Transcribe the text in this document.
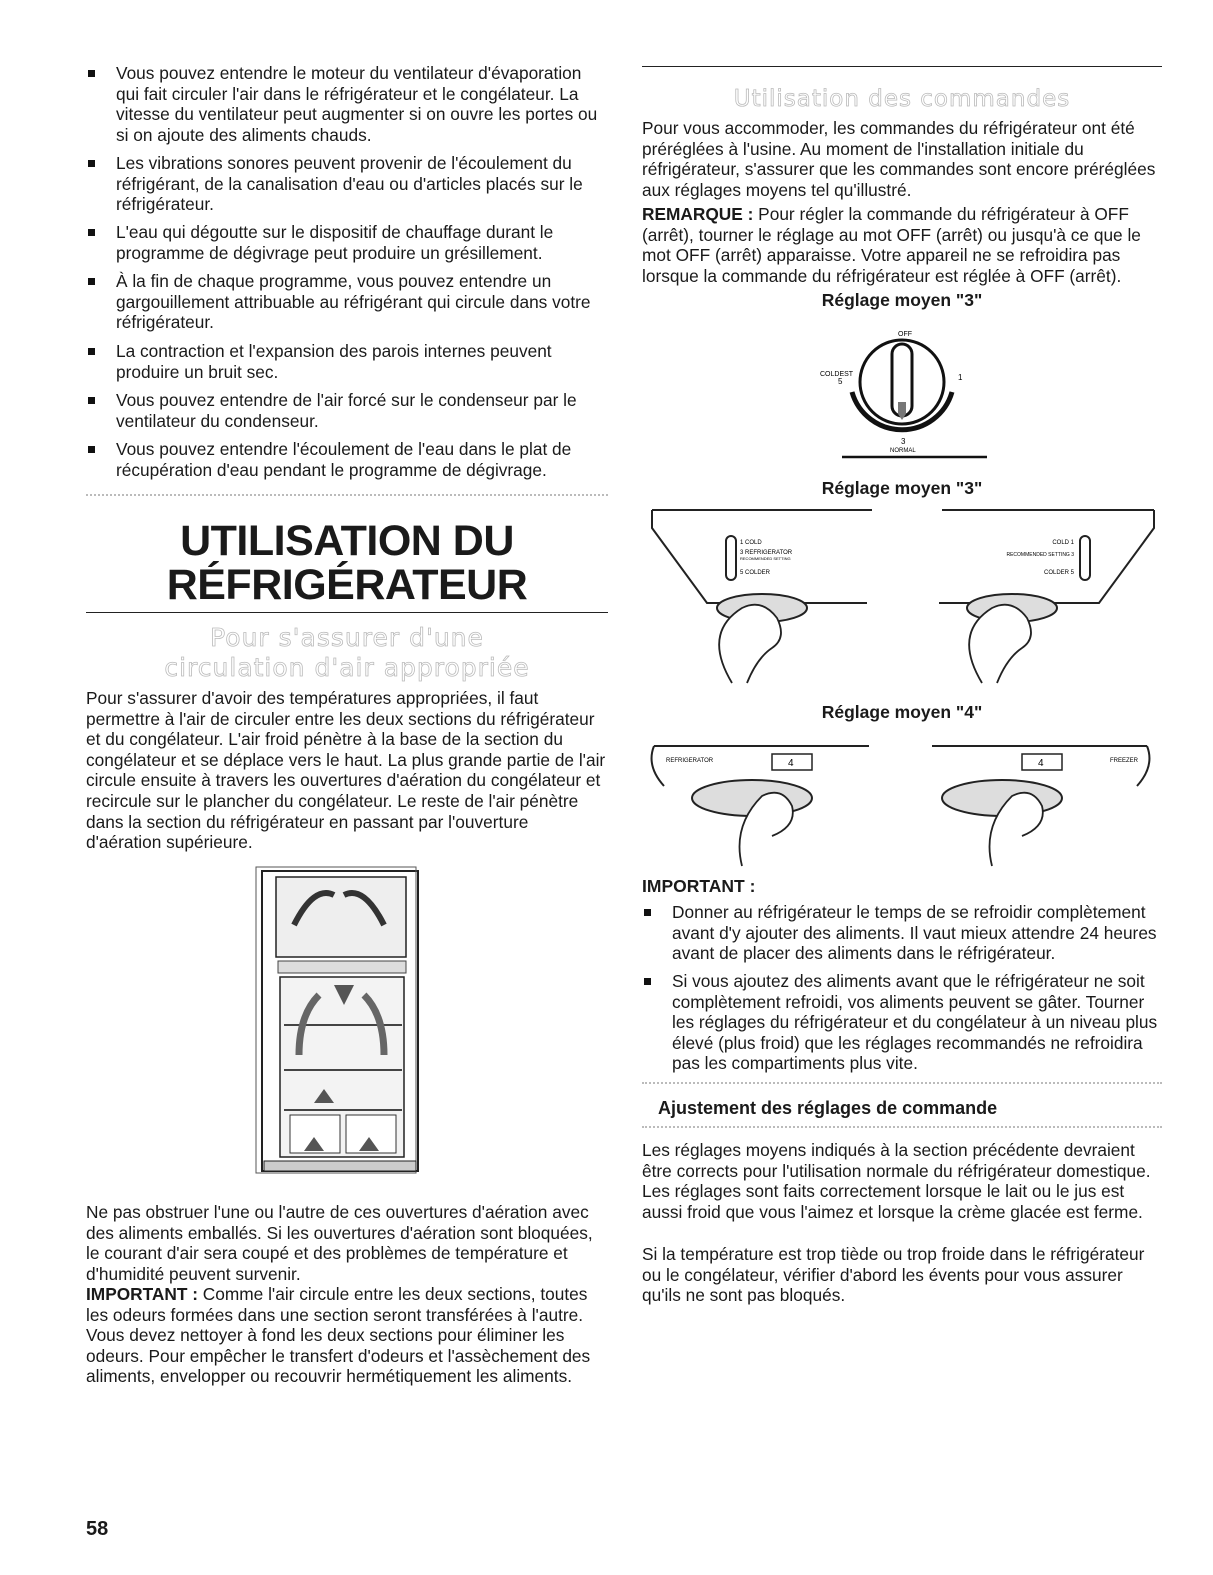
Vous pouvez entendre le moteur du ventilateur d'évaporation qui fait circuler l'air dans le réfrigérateur et le congélateur. La vitesse du ventilateur peut augmenter si on ouvre les portes ou si on ajoute des aliments chauds.
Les vibrations sonores peuvent provenir de l'écoulement du réfrigérant, de la canalisation d'eau ou d'articles placés sur le réfrigérateur.
L'eau qui dégoutte sur le dispositif de chauffage durant le programme de dégivrage peut produire un grésillement.
À la fin de chaque programme, vous pouvez entendre un gargouillement attribuable au réfrigérant qui circule dans votre réfrigérateur.
La contraction et l'expansion des parois internes peuvent produire un bruit sec.
Vous pouvez entendre de l'air forcé sur le condenseur par le ventilateur du condenseur.
Vous pouvez entendre l'écoulement de l'eau dans le plat de récupération d'eau pendant le programme de dégivrage.
UTILISATION DU
RÉFRIGÉRATEUR
Pour s'assurer d'une
circulation d'air appropriée

Pour s'assurer d'avoir des températures appropriées, il faut permettre à l'air de circuler entre les deux sections du réfrigérateur et du congélateur. L'air froid pénètre à la base de la section du congélateur et se déplace vers le haut. La plus grande partie de l'air circule ensuite à travers les ouvertures d'aération du congélateur et recircule sur le plancher du congélateur. Le reste de l'air pénètre dans la section du réfrigérateur en passant par l'ouverture d'aération supérieure.

Ne pas obstruer l'une ou l'autre de ces ouvertures d'aération avec des aliments emballés. Si les ouvertures d'aération sont bloquées, le courant d'air sera coupé et des problèmes de température et d'humidité peuvent survenir.

IMPORTANT : Comme l'air circule entre les deux sections, toutes les odeurs formées dans une section seront transférées à l'autre. Vous devez nettoyer à fond les deux sections pour éliminer les odeurs. Pour empêcher le transfert d'odeurs et l'assèchement des aliments, envelopper ou recouvrir hermétiquement les aliments.

58
Utilisation des commandes

Pour vous accommoder, les commandes du réfrigérateur ont été préréglées à l'usine. Au moment de l'installation initiale du réfrigérateur, s'assurer que les commandes sont encore préréglées aux réglages moyens tel qu'illustré.

REMARQUE : Pour régler la commande du réfrigérateur à OFF (arrêt), tourner le réglage au mot OFF (arrêt) ou jusqu'à ce que le mot OFF (arrêt) apparaisse. Votre appareil ne se refroidira pas lorsque la commande du réfrigérateur est réglée à OFF (arrêt).

Réglage moyen "3"
OFF
COLDEST
5	1
3
NORMAL
Réglage moyen "3"
1 COLD
3 REFRIGERATOR
RECOMMENDED SETTING
5 COLDER
COLD 1
RECOMMENDED SETTING 3
COLDER 5
Réglage moyen "4"
REFRIGERATOR	4	FREEZER
4
IMPORTANT :
Donner au réfrigérateur le temps de se refroidir complètement avant d'y ajouter des aliments. Il vaut mieux attendre 24 heures avant de placer des aliments dans le réfrigérateur.
Si vous ajoutez des aliments avant que le réfrigérateur ne soit complètement refroidi, vos aliments peuvent se gâter. Tourner les réglages du réfrigérateur et du congélateur à un niveau plus élevé (plus froid) que les réglages recommandés ne refroidira pas les compartiments plus vite.
Ajustement des réglages de commande

Les réglages moyens indiqués à la section précédente devraient être corrects pour l'utilisation normale du réfrigérateur domestique. Les réglages sont faits correctement lorsque le lait ou le jus est aussi froid que vous l'aimez et lorsque la crème glacée est ferme.

Si la température est trop tiède ou trop froide dans le réfrigérateur ou le congélateur, vérifier d'abord les évents pour vous assurer qu'ils ne sont pas bloqués.
